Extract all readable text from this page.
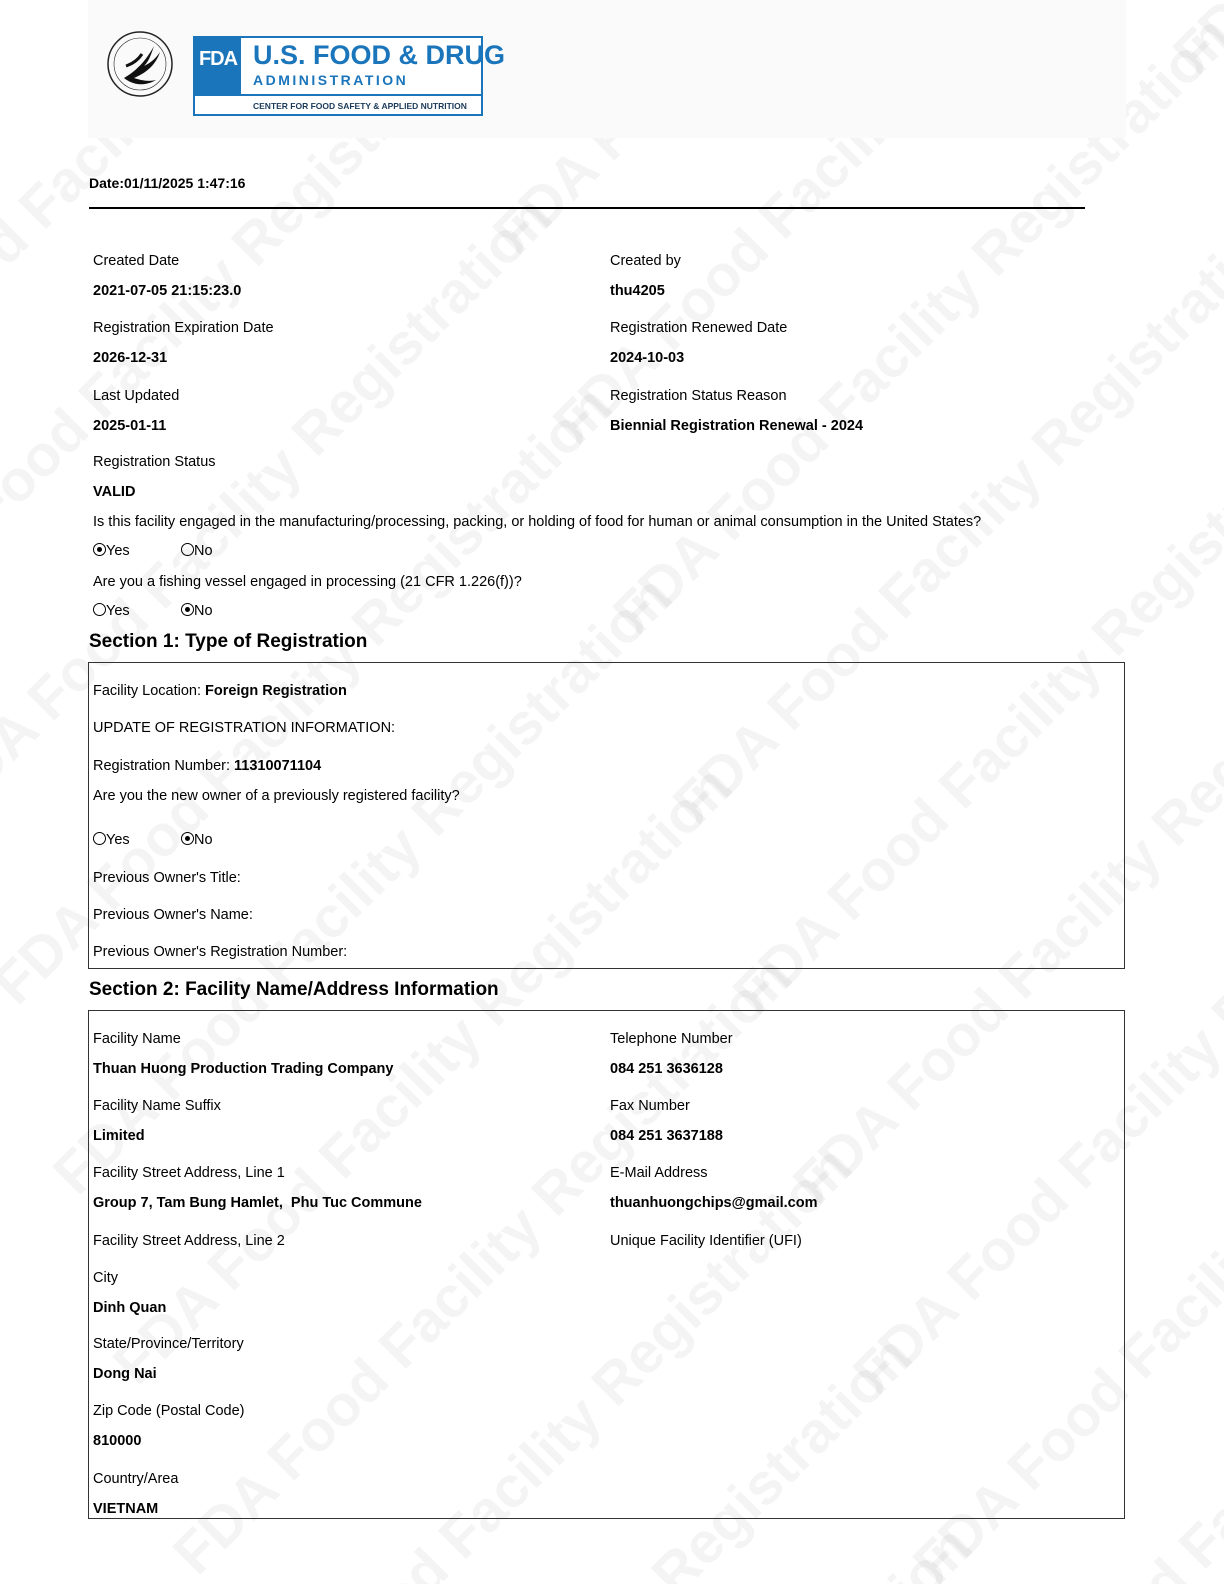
FDA U.S. FOOD & DRUG
ADMINISTRATION
CENTER FOR FOOD SAFETY & APPLIED NUTRITION
Date:01/11/2025 1:47:16
Created Date
2021-07-05 21:15:23.0
Created by
thu4205
Registration Expiration Date
2026-12-31
Registration Renewed Date
2024-10-03
Last Updated
2025-01-11
Registration Status Reason
Biennial Registration Renewal - 2024
Registration Status
VALID
Is this facility engaged in the manufacturing/processing, packing, or holding of food for human or animal consumption in the United States?
Yes	No
Are you a fishing vessel engaged in processing (21 CFR 1.226(f))?
Yes	No
Section 1: Type of Registration
Facility Location: Foreign Registration
UPDATE OF REGISTRATION INFORMATION:
Registration Number: 11310071104
Are you the new owner of a previously registered facility?
Yes	No
Previous Owner's Title:
Previous Owner's Name:
Previous Owner's Registration Number:
Section 2: Facility Name/Address Information
Facility Name
Thuan Huong Production Trading Company
Telephone Number
084 251 3636128
Facility Name Suffix
Limited
Fax Number
084 251 3637188
Facility Street Address, Line 1
Group 7, Tam Bung Hamlet,  Phu Tuc Commune
E-Mail Address
thuanhuongchips@gmail.com
Facility Street Address, Line 2	Unique Facility Identifier (UFI)
City
Dinh Quan
State/Province/Territory
Dong Nai
Zip Code (Postal Code)
810000
Country/Area
VIETNAM
